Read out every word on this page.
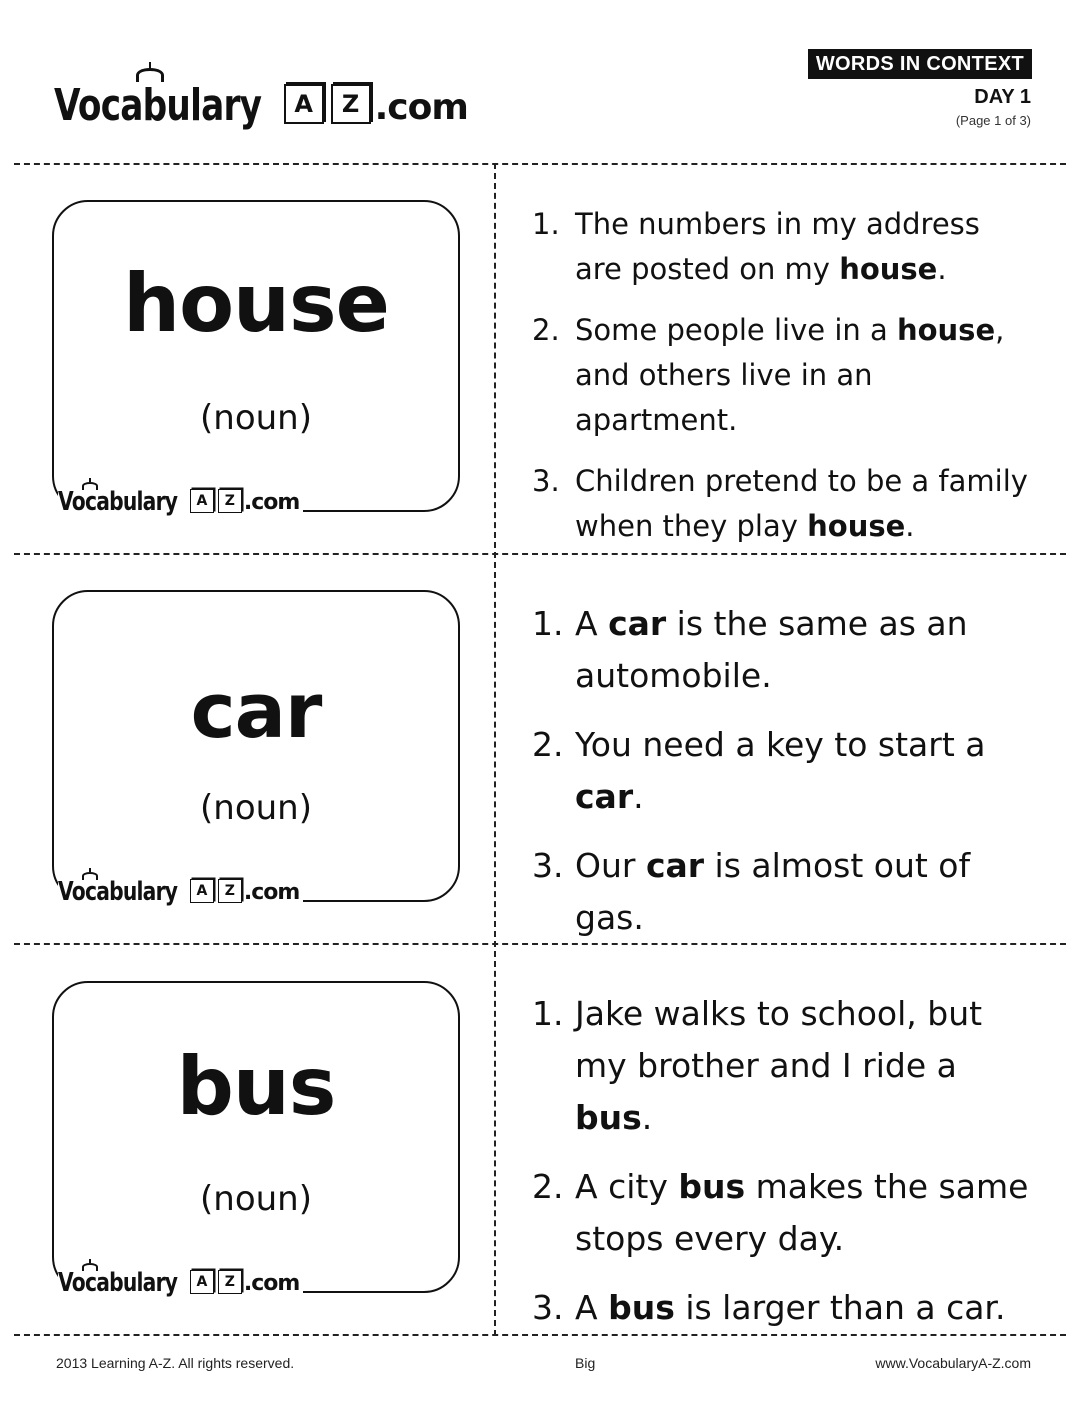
Vocabulary	A	Z .com
WORDS IN CONTEXT
DAY 1
(Page 1 of 3)
house
(noun)
Vocabulary	A	Z .com
1. The numbers in my address are posted on my house.
2. Some people live in a house, and others live in an apartment.
3. Children pretend to be a family when they play house.
car
(noun)
Vocabulary	A	Z .com
1. A car is the same as an automobile.
2. You need a key to start a car.
3. Our car is almost out of gas.
bus
(noun)
Vocabulary	A	Z .com
1. Jake walks to school, but my brother and I ride a bus.
2. A city bus makes the same stops every day.
3. A bus is larger than a car.
2013 Learning A-Z. All rights reserved.	Big	www.VocabularyA-Z.com
